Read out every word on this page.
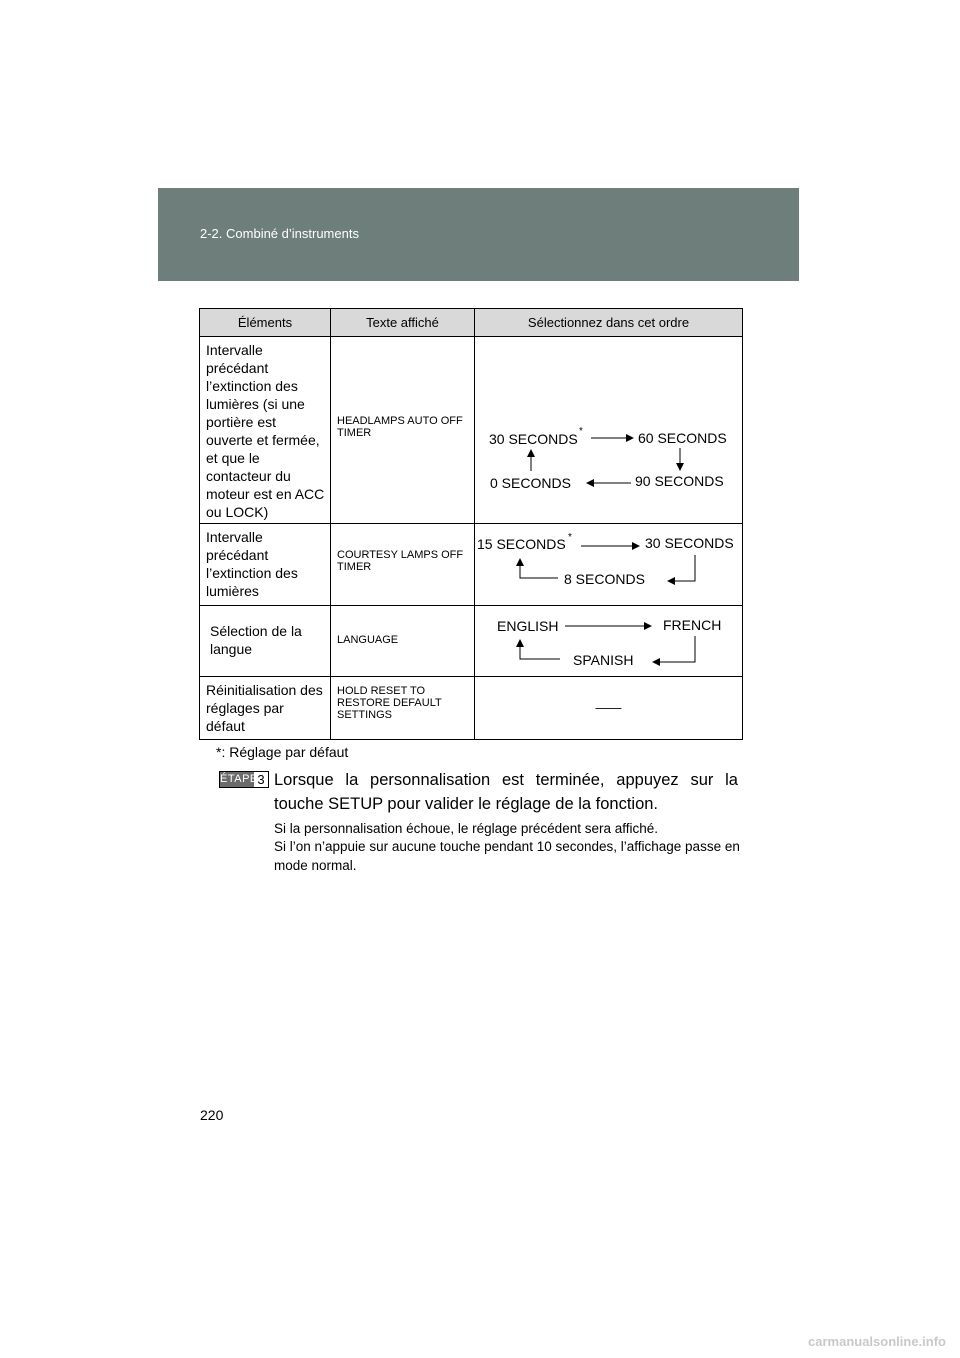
2-2. Combiné d’instruments
Éléments	Texte affiché	Sélectionnez dans cet ordre
Intervalle précédant l’extinction des lumières (si une portière est ouverte et fermée, et que le contacteur du moteur est en ACC ou LOCK)	HEADLAMPS AUTO OFF TIMER	30 SECONDS * 60 SECONDS
90 SECONDS
0 SECONDS

Intervalle précédant l’extinction des lumières	COURTESY LAMPS OFF TIMER	15 SECONDS * 30 SECONDS
8 SECONDS

Sélection de la langue	LANGUAGE	ENGLISH FRENCH
SPANISH

Réinitialisation des réglages par défaut	HOLD RESET TO RESTORE DEFAULT SETTINGS	——
*: Réglage par défaut
ÉTAPE 3 Lorsque la personnalisation est terminée, appuyez sur la touche SETUP pour valider le réglage de la fonction.
Si la personnalisation échoue, le réglage précédent sera affiché.
Si l’on n’appuie sur aucune touche pendant 10 secondes, l’affichage passe en mode normal.
220
carmanualsonline.info
